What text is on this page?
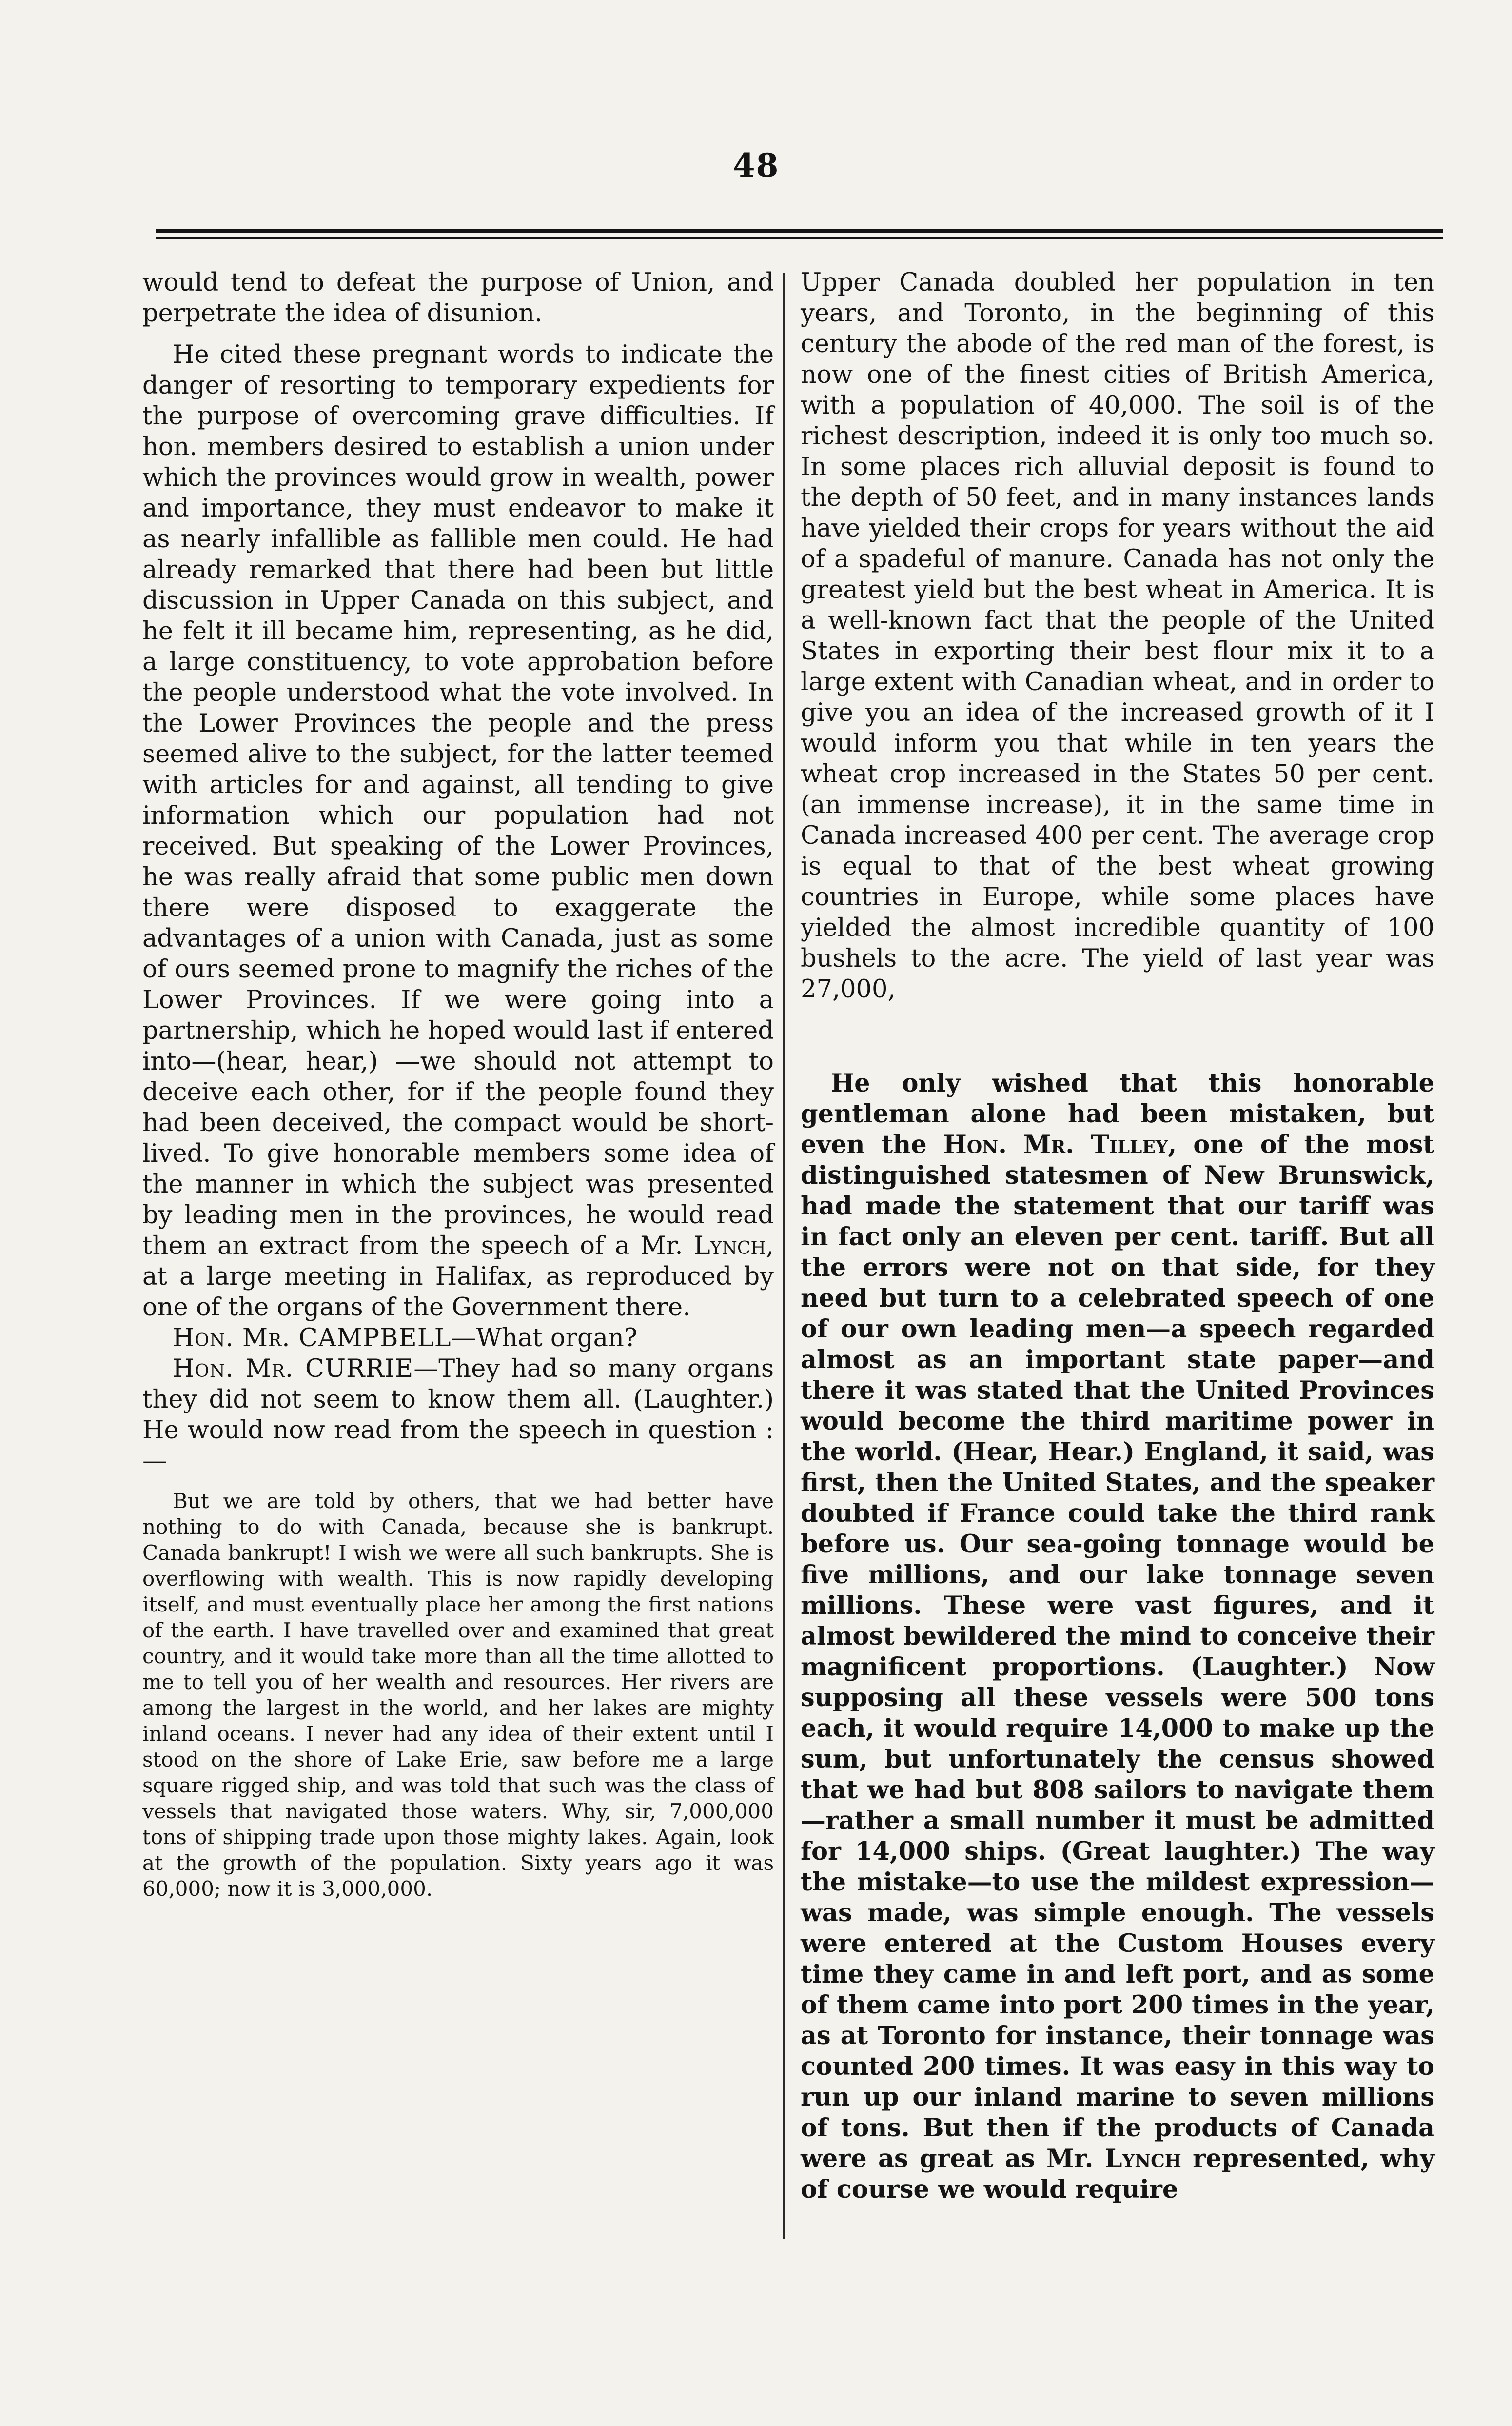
48

would tend to defeat the purpose of Union, and perpetrate the idea of disunion.

He cited these pregnant words to indicate the danger of resorting to temporary expedients for the purpose of overcoming grave difficulties. If hon. members desired to establish a union under which the provinces would grow in wealth, power and importance, they must endeavor to make it as nearly infallible as fallible men could. He had already remarked that there had been but little discussion in Upper Canada on this subject, and he felt it ill became him, representing, as he did, a large constituency, to vote approbation before the people understood what the vote involved. In the Lower Provinces the people and the press seemed alive to the subject, for the latter teemed with articles for and against, all tending to give information which our population had not received. But speaking of the Lower Provinces, he was really afraid that some public men down there were disposed to exaggerate the advantages of a union with Canada, just as some of ours seemed prone to magnify the riches of the Lower Provinces. If we were going into a partnership, which he hoped would last if entered into—(hear, hear,) —we should not attempt to deceive each other, for if the people found they had been deceived, the compact would be short-lived. To give honorable members some idea of the manner in which the subject was presented by leading men in the provinces, he would read them an extract from the speech of a Mr. Lynch, at a large meeting in Halifax, as reproduced by one of the organs of the Government there.

Hon. Mr. CAMPBELL—What organ?

Hon. Mr. CURRIE—They had so many organs they did not seem to know them all. (Laughter.) He would now read from the speech in question :—

But we are told by others, that we had better have nothing to do with Canada, because she is bankrupt. Canada bankrupt! I wish we were all such bankrupts. She is overflowing with wealth. This is now rapidly developing itself, and must eventually place her among the first nations of the earth. I have travelled over and examined that great country, and it would take more than all the time allotted to me to tell you of her wealth and resources. Her rivers are among the largest in the world, and her lakes are mighty inland oceans. I never had any idea of their extent until I stood on the shore of Lake Erie, saw before me a large square rigged ship, and was told that such was the class of vessels that navigated those waters. Why, sir, 7,000,000 tons of shipping trade upon those mighty lakes. Again, look at the growth of the population. Sixty years ago it was 60,000; now it is 3,000,000.

Upper Canada doubled her population in ten years, and Toronto, in the beginning of this century the abode of the red man of the forest, is now one of the finest cities of British America, with a population of 40,000. The soil is of the richest description, indeed it is only too much so. In some places rich alluvial deposit is found to the depth of 50 feet, and in many instances lands have yielded their crops for years without the aid of a spadeful of manure. Canada has not only the greatest yield but the best wheat in America. It is a well-known fact that the people of the United States in exporting their best flour mix it to a large extent with Canadian wheat, and in order to give you an idea of the increased growth of it I would inform you that while in ten years the wheat crop increased in the States 50 per cent. (an immense increase), it in the same time in Canada increased 400 per cent. The average crop is equal to that of the best wheat growing countries in Europe, while some places have yielded the almost incredible quantity of 100 bushels to the acre. The yield of last year was 27,000,

He only wished that this honorable gentleman alone had been mistaken, but even the Hon. Mr. Tilley, one of the most distinguished statesmen of New Brunswick, had made the statement that our tariff was in fact only an eleven per cent. tariff. But all the errors were not on that side, for they need but turn to a celebrated speech of one of our own leading men—a speech regarded almost as an important state paper—and there it was stated that the United Provinces would become the third maritime power in the world. (Hear, Hear.) England, it said, was first, then the United States, and the speaker doubted if France could take the third rank before us. Our sea-going tonnage would be five millions, and our lake tonnage seven millions. These were vast figures, and it almost bewildered the mind to conceive their magnificent proportions. (Laughter.) Now supposing all these vessels were 500 tons each, it would require 14,000 to make up the sum, but unfortunately the census showed that we had but 808 sailors to navigate them—rather a small number it must be admitted for 14,000 ships. (Great laughter.) The way the mistake—to use the mildest expression—was made, was simple enough. The vessels were entered at the Custom Houses every time they came in and left port, and as some of them came into port 200 times in the year, as at Toronto for instance, their tonnage was counted 200 times. It was easy in this way to run up our inland marine to seven millions of tons. But then if the products of Canada were as great as Mr. Lynch represented, why of course we would require
